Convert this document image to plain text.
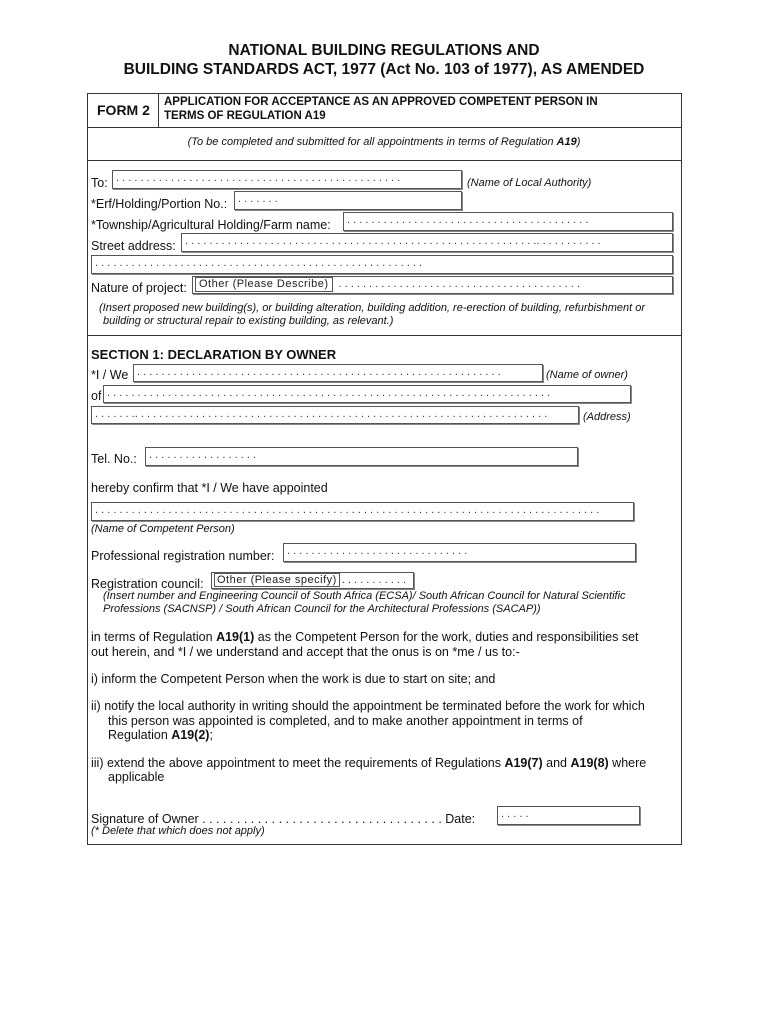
NATIONAL BUILDING REGULATIONS AND
BUILDING STANDARDS ACT, 1977 (Act No. 103 of 1977), AS AMENDED
FORM 2 APPLICATION FOR ACCEPTANCE AS AN APPROVED COMPETENT PERSON IN
TERMS OF REGULATION A19
(To be completed and submitted for all appointments in terms of Regulation A19)
To: . . . . . . . . . . . . . . . . . . . . . . . . . . . . . . . . . . . . . . . . . . . . . . .	(Name of Local Authority)
*Erf/Holding/Portion No.: . . . . . . .
*Township/Agricultural Holding/Farm name:	. . . . . . . . . . . . . . . . . . . . . . . . . . . . . . . . . . . . . . . .
Street address: . . . . . . . . . . . . . . . . . . . . . . . . . . . . . . . . . . . . . . . . . . . . . . . . . . . . . . . . . .. . . . . . . . . . .
. . . . . . . . . . . . . . . . . . . . . . . . . . . . . . . . . . . . . . . . . . . . . . . . . . . . . .
Nature of project:	Other (Please Describe) . . . . . . . . . . . . . . . . . . . . . . . . . . . . . . . . . . . . . . . .
(Insert proposed new building(s), or building alteration, building addition, re-erection of building, refurbishment or
building or structural repair to existing building, as relevant.)
SECTION 1: DECLARATION BY OWNER
*I / We . . . . . . . . . . . . . . . . . . . . . . . . . . . . . . . . . . . . . . . . . . . . . . . . . . . . . . . . . . . .	(Name of owner)
of . . . . . . . . . . . . . . . . . . . . . . . . . . . . . . . . . . . . . . . . . . . . . . . . . . . . . . . . . . . . . . . . . . . . . . . . .
. . . . . . .. . . . . . . . . . . . . . . . . . . . . . . . . . . . . . . . . . . . . . . . . . . . . . . . . . . . . . . . . . . . . . . . . . . .	(Address)
Tel. No.:	. . . . . . . . . . . . . . . . . .
hereby confirm that *I / We have appointed
. . . . . . . . . . . . . . . . . . . . . . . . . . . . . . . . . . . . . . . . . . . . . . . . . . . . . . . . . . . . . . . . . . . . . . . . . . . . . . . . . . .
(Name of Competent Person)
Professional registration number:	. . . . . . . . . . . . . . . . . . . . . . . . . . . . . .
Registration council:	Other (Please specify) . . . . . . . . . . .
(Insert number and Engineering Council of South Africa (ECSA)/ South African Council for Natural Scientific
Professions (SACNSP) / South African Council for the Architectural Professions (SACAP))
in terms of Regulation A19(1) as the Competent Person for the work, duties and responsibilities set
out herein, and *I / we understand and accept that the onus is on *me / us to:-
i) inform the Competent Person when the work is due to start on site; and
ii) notify the local authority in writing should the appointment be terminated before the work for which
this person was appointed is completed, and to make another appointment in terms of
Regulation A19(2);
iii) extend the above appointment to meet the requirements of Regulations A19(7) and A19(8) where
applicable
Signature of Owner . . . . . . . . . . . . . . . . . . . . . . . . . . . . . . . . . . . Date:	. . . . .
(* Delete that which does not apply)
